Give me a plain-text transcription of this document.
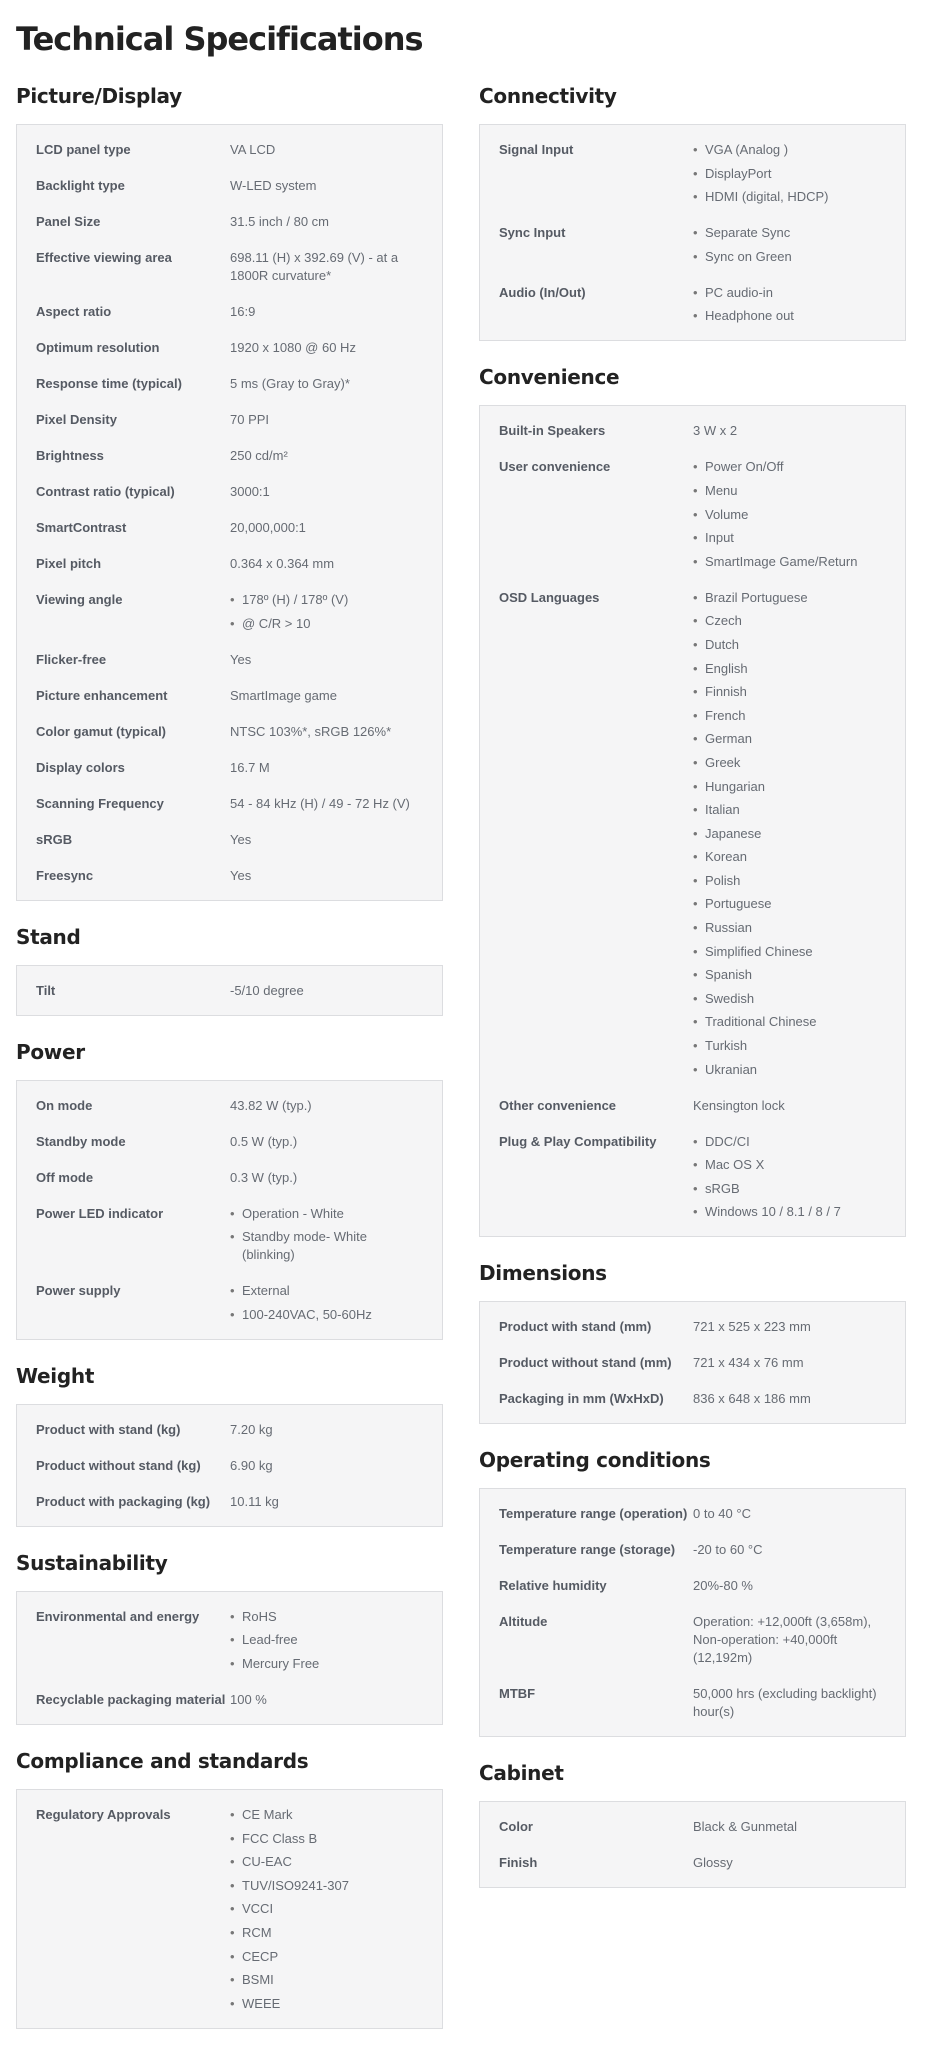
Technical Specifications
Picture/Display
LCD panel type	VA LCD
Backlight type	W-LED system
Panel Size	31.5 inch / 80 cm
Effective viewing area	698.11 (H) x 392.69 (V) - at a 1800R curvature*
Aspect ratio	16:9
Optimum resolution	1920 x 1080 @ 60 Hz
Response time (typical)	5 ms (Gray to Gray)*
Pixel Density	70 PPI
Brightness	250 cd/m²
Contrast ratio (typical)	3000:1
SmartContrast	20,000,000:1
Pixel pitch	0.364 x 0.364 mm
Viewing angle	• 178º (H) / 178º (V)
• @ C/R > 10
Flicker-free	Yes
Picture enhancement	SmartImage game
Color gamut (typical)	NTSC 103%*, sRGB 126%*
Display colors	16.7 M
Scanning Frequency	54 - 84 kHz (H) / 49 - 72 Hz (V)
sRGB	Yes
Freesync	Yes
Stand
Tilt	-5/10 degree
Power
On mode	43.82 W (typ.)
Standby mode	0.5 W (typ.)
Off mode	0.3 W (typ.)
Power LED indicator	• Operation - White
• Standby mode- White (blinking)
Power supply	• External
• 100-240VAC, 50-60Hz
Weight
Product with stand (kg)	7.20 kg
Product without stand (kg)	6.90 kg
Product with packaging (kg)	10.11 kg
Sustainability
Environmental and energy	• RoHS
• Lead-free
• Mercury Free
Recyclable packaging material 100 %
Compliance and standards
Regulatory Approvals	• CE Mark
• FCC Class B
• CU-EAC
• TUV/ISO9241-307
• VCCI
• RCM
• CECP
• BSMI
• WEEE
Connectivity
Signal Input	• VGA (Analog )
• DisplayPort
• HDMI (digital, HDCP)
Sync Input	• Separate Sync
• Sync on Green
Audio (In/Out)	• PC audio-in
• Headphone out
Convenience
Built-in Speakers	3 W x 2
User convenience	• Power On/Off
• Menu
• Volume
• Input
• SmartImage Game/Return
OSD Languages	• Brazil Portuguese
• Czech
• Dutch
• English
• Finnish
• French
• German
• Greek
• Hungarian
• Italian
• Japanese
• Korean
• Polish
• Portuguese
• Russian
• Simplified Chinese
• Spanish
• Swedish
• Traditional Chinese
• Turkish
• Ukranian
Other convenience	Kensington lock
Plug & Play Compatibility	• DDC/CI
• Mac OS X
• sRGB
• Windows 10 / 8.1 / 8 / 7
Dimensions
Product with stand (mm)	721 x 525 x 223 mm
Product without stand (mm)	721 x 434 x 76 mm
Packaging in mm (WxHxD)	836 x 648 x 186 mm
Operating conditions
Temperature range (operation) 0 to 40 °C
Temperature range (storage)	-20 to 60 °C
Relative humidity	20%-80 %
Altitude	Operation: +12,000ft (3,658m), Non-operation: +40,000ft (12,192m)
MTBF	50,000 hrs (excluding backlight) hour(s)
Cabinet
Color	Black & Gunmetal
Finish	Glossy
